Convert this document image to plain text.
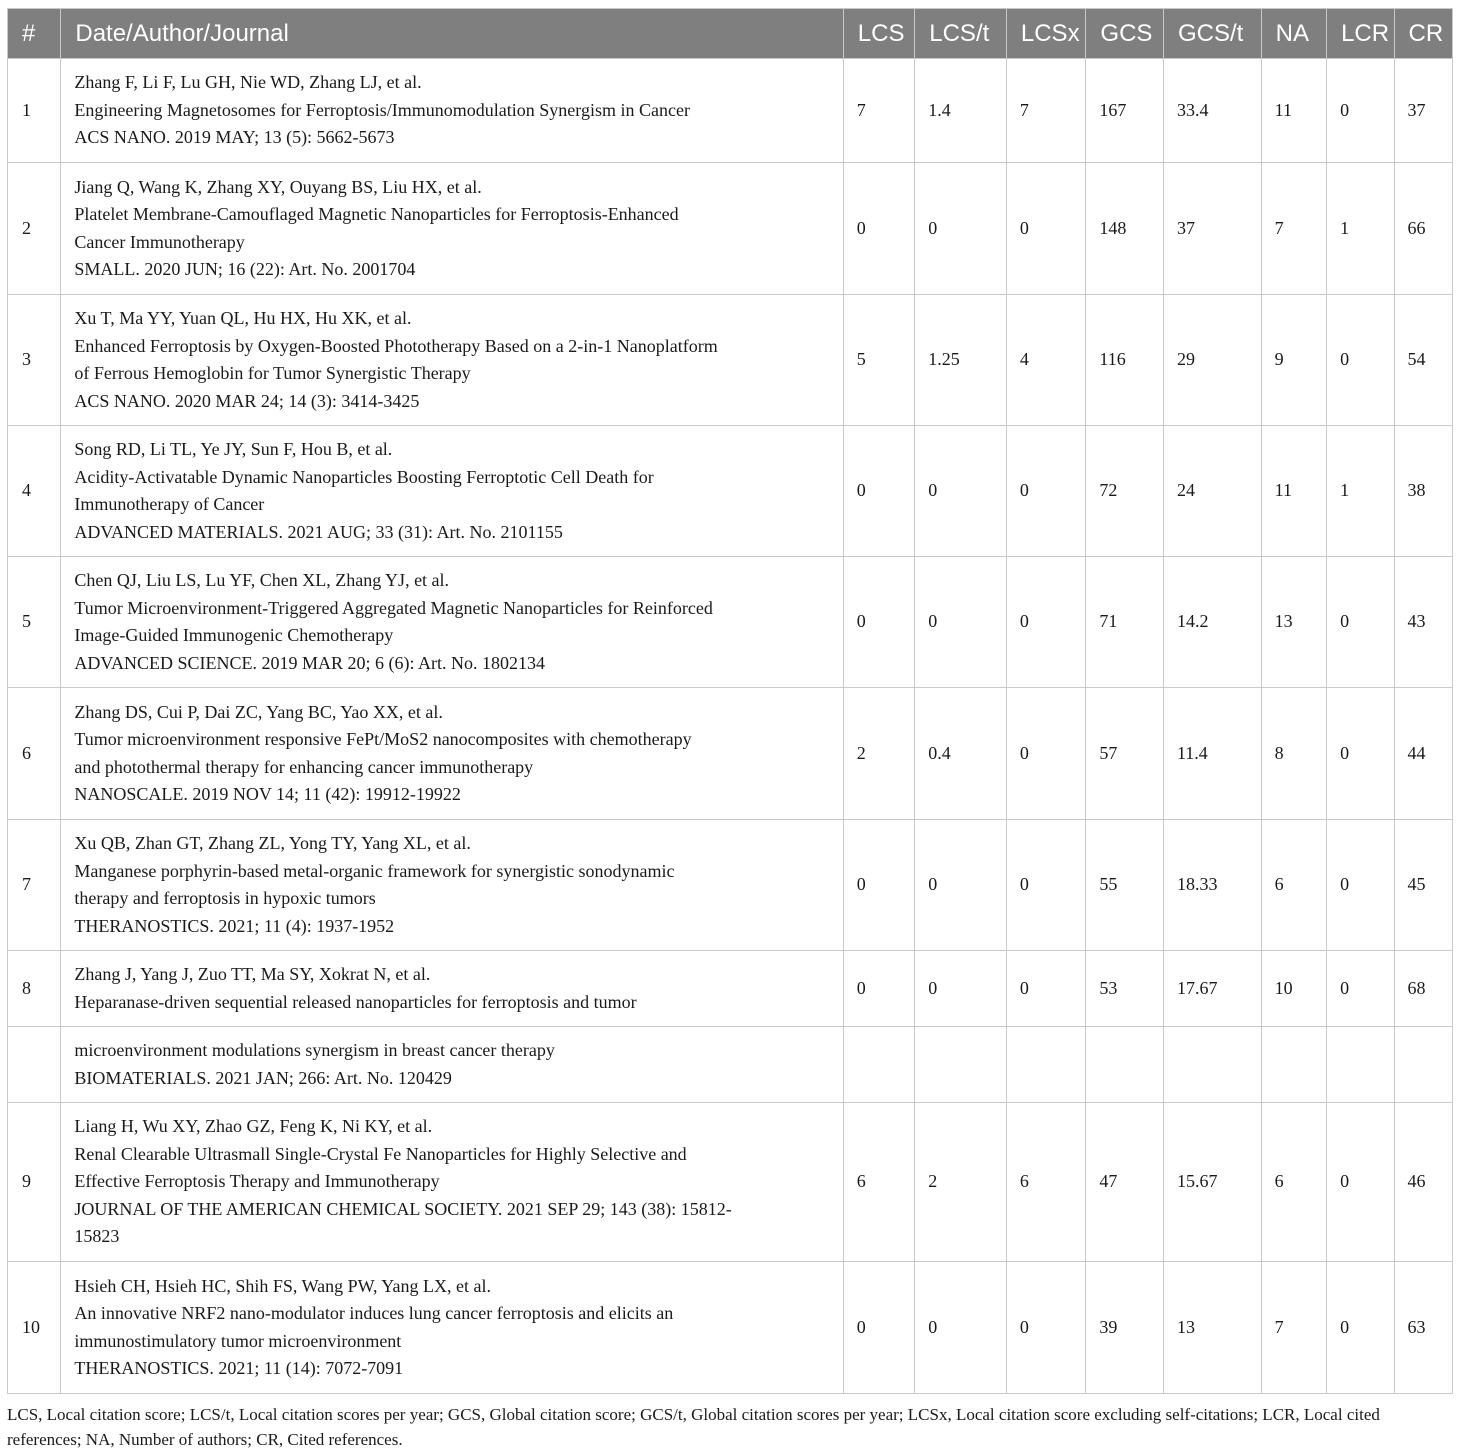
#	Date/Author/Journal	LCS	LCS/t	LCSx	GCS	GCS/t	NA	LCR	CR
1	Zhang F, Li F, Lu GH, Nie WD, Zhang LJ, et al.
Engineering Magnetosomes for Ferroptosis/Immunomodulation Synergism in Cancer
ACS NANO. 2019 MAY; 13 (5): 5662-5673	7	1.4	7	167	33.4	11	0	37
2	Jiang Q, Wang K, Zhang XY, Ouyang BS, Liu HX, et al.
Platelet Membrane-Camouflaged Magnetic Nanoparticles for Ferroptosis-Enhanced
Cancer Immunotherapy
SMALL. 2020 JUN; 16 (22): Art. No. 2001704	0	0	0	148	37	7	1	66
3	Xu T, Ma YY, Yuan QL, Hu HX, Hu XK, et al.
Enhanced Ferroptosis by Oxygen-Boosted Phototherapy Based on a 2-in-1 Nanoplatform
of Ferrous Hemoglobin for Tumor Synergistic Therapy
ACS NANO. 2020 MAR 24; 14 (3): 3414-3425	5	1.25	4	116	29	9	0	54
4	Song RD, Li TL, Ye JY, Sun F, Hou B, et al.
Acidity-Activatable Dynamic Nanoparticles Boosting Ferroptotic Cell Death for
Immunotherapy of Cancer
ADVANCED MATERIALS. 2021 AUG; 33 (31): Art. No. 2101155	0	0	0	72	24	11	1	38
5	Chen QJ, Liu LS, Lu YF, Chen XL, Zhang YJ, et al.
Tumor Microenvironment-Triggered Aggregated Magnetic Nanoparticles for Reinforced
Image-Guided Immunogenic Chemotherapy
ADVANCED SCIENCE. 2019 MAR 20; 6 (6): Art. No. 1802134	0	0	0	71	14.2	13	0	43
6	Zhang DS, Cui P, Dai ZC, Yang BC, Yao XX, et al.
Tumor microenvironment responsive FePt/MoS2 nanocomposites with chemotherapy
and photothermal therapy for enhancing cancer immunotherapy
NANOSCALE. 2019 NOV 14; 11 (42): 19912-19922	2	0.4	0	57	11.4	8	0	44
7	Xu QB, Zhan GT, Zhang ZL, Yong TY, Yang XL, et al.
Manganese porphyrin-based metal-organic framework for synergistic sonodynamic
therapy and ferroptosis in hypoxic tumors
THERANOSTICS. 2021; 11 (4): 1937-1952	0	0	0	55	18.33	6	0	45
8	Zhang J, Yang J, Zuo TT, Ma SY, Xokrat N, et al.
Heparanase-driven sequential released nanoparticles for ferroptosis and tumor	0	0	0	53	17.67	10	0	68

	microenvironment modulations synergism in breast cancer therapy
BIOMATERIALS. 2021 JAN; 266: Art. No. 120429								

9	Liang H, Wu XY, Zhao GZ, Feng K, Ni KY, et al.
Renal Clearable Ultrasmall Single-Crystal Fe Nanoparticles for Highly Selective and
Effective Ferroptosis Therapy and Immunotherapy
JOURNAL OF THE AMERICAN CHEMICAL SOCIETY. 2021 SEP 29; 143 (38): 15812-
15823	6	2	6	47	15.67	6	0	46
10	Hsieh CH, Hsieh HC, Shih FS, Wang PW, Yang LX, et al.
An innovative NRF2 nano-modulator induces lung cancer ferroptosis and elicits an
immunostimulatory tumor microenvironment
THERANOSTICS. 2021; 11 (14): 7072-7091	0	0	0	39	13	7	0	63
LCS, Local citation score; LCS/t, Local citation scores per year; GCS, Global citation score; GCS/t, Global citation scores per year; LCSx, Local citation score excluding self-citations; LCR, Local cited references; NA, Number of authors; CR, Cited references.
